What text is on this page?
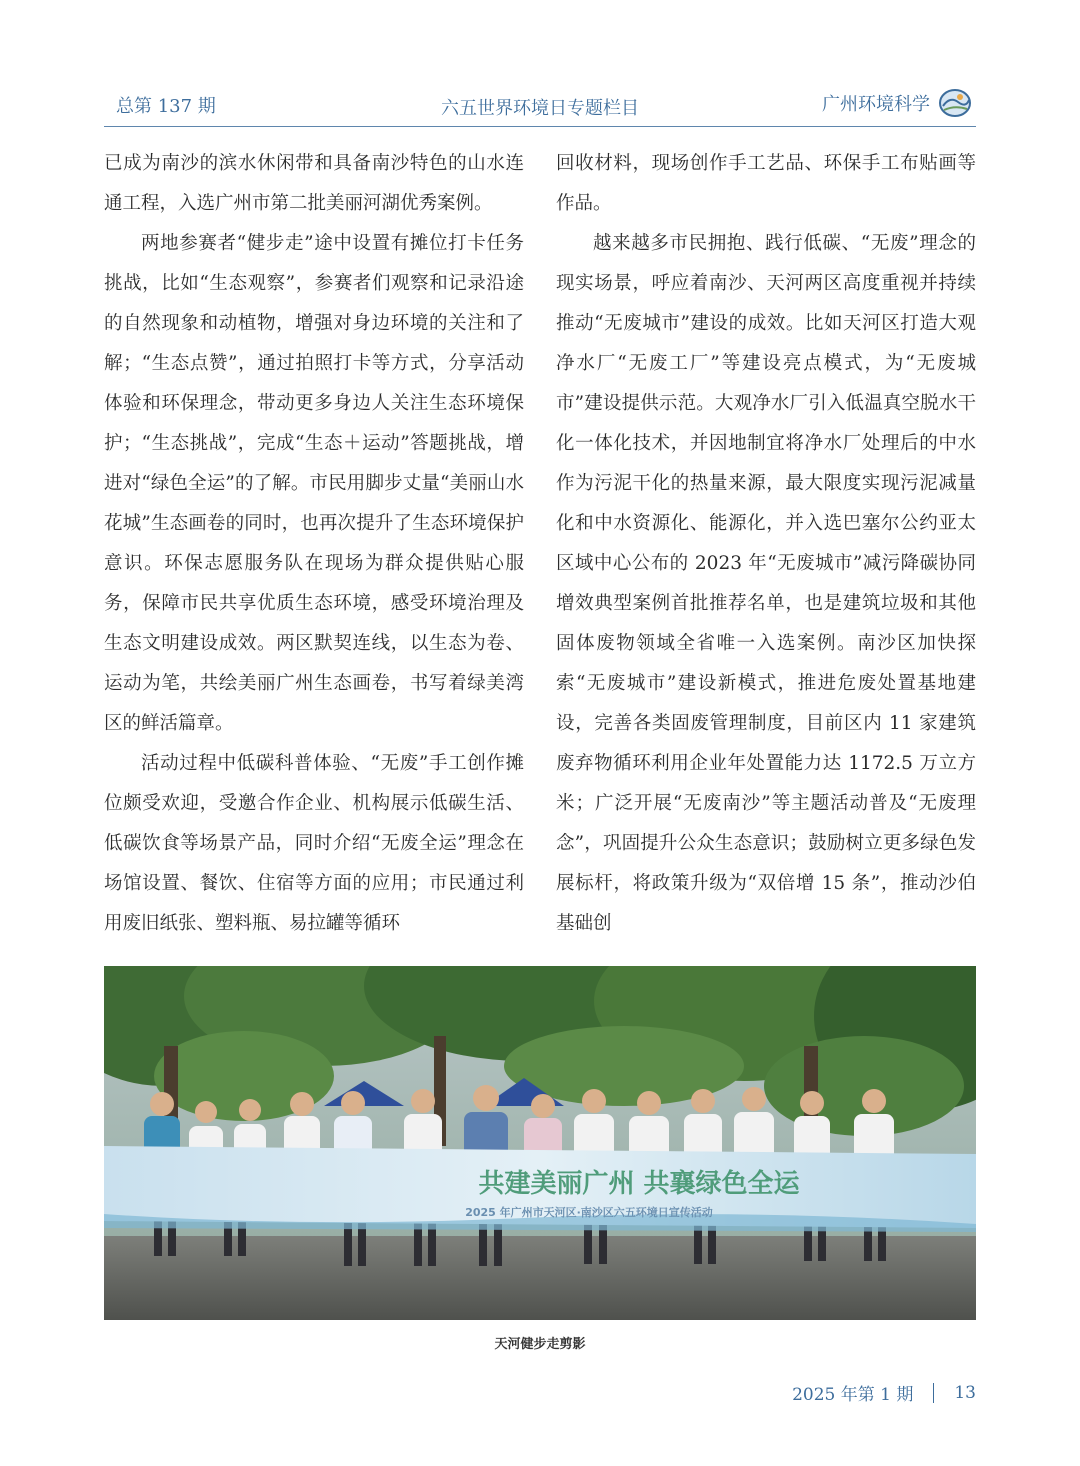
总第 137 期	六五世界环境日专题栏目	广州环境科学

已成为南沙的滨水休闲带和具备南沙特色的山水连通工程，入选广州市第二批美丽河湖优秀案例。

两地参赛者“健步走”途中设置有摊位打卡任务挑战，比如“生态观察”，参赛者们观察和记录沿途的自然现象和动植物，增强对身边环境的关注和了解；“生态点赞”，通过拍照打卡等方式，分享活动体验和环保理念，带动更多身边人关注生态环境保护；“生态挑战”，完成“生态＋运动”答题挑战，增进对“绿色全运”的了解。市民用脚步丈量“美丽山水花城”生态画卷的同时，也再次提升了生态环境保护意识。环保志愿服务队在现场为群众提供贴心服务，保障市民共享优质生态环境，感受环境治理及生态文明建设成效。两区默契连线，以生态为卷、运动为笔，共绘美丽广州生态画卷，书写着绿美湾区的鲜活篇章。

活动过程中低碳科普体验、“无废”手工创作摊位颇受欢迎，受邀合作企业、机构展示低碳生活、低碳饮食等场景产品，同时介绍“无废全运”理念在场馆设置、餐饮、住宿等方面的应用；市民通过利用废旧纸张、塑料瓶、易拉罐等循环

回收材料，现场创作手工艺品、环保手工布贴画等作品。

越来越多市民拥抱、践行低碳、“无废”理念的现实场景，呼应着南沙、天河两区高度重视并持续推动“无废城市”建设的成效。比如天河区打造大观净水厂“无废工厂”等建设亮点模式，为“无废城市”建设提供示范。大观净水厂引入低温真空脱水干化一体化技术，并因地制宜将净水厂处理后的中水作为污泥干化的热量来源，最大限度实现污泥减量化和中水资源化、能源化，并入选巴塞尔公约亚太区域中心公布的 2023 年“无废城市”减污降碳协同增效典型案例首批推荐名单，也是建筑垃圾和其他固体废物领域全省唯一入选案例。南沙区加快探索“无废城市”建设新模式，推进危废处置基地建设，完善各类固废管理制度，目前区内 11 家建筑废弃物循环利用企业年处置能力达 1172.5 万立方米；广泛开展“无废南沙”等主题活动普及“无废理念”，巩固提升公众生态意识；鼓励树立更多绿色发展标杆，将政策升级为“双倍增 15 条”，推动沙伯基础创

共建美丽广州 共襄绿色全运
2025 年广州市天河区·南沙区六五环境日宣传活动
天河健步走剪影
2025 年第 1 期 13
